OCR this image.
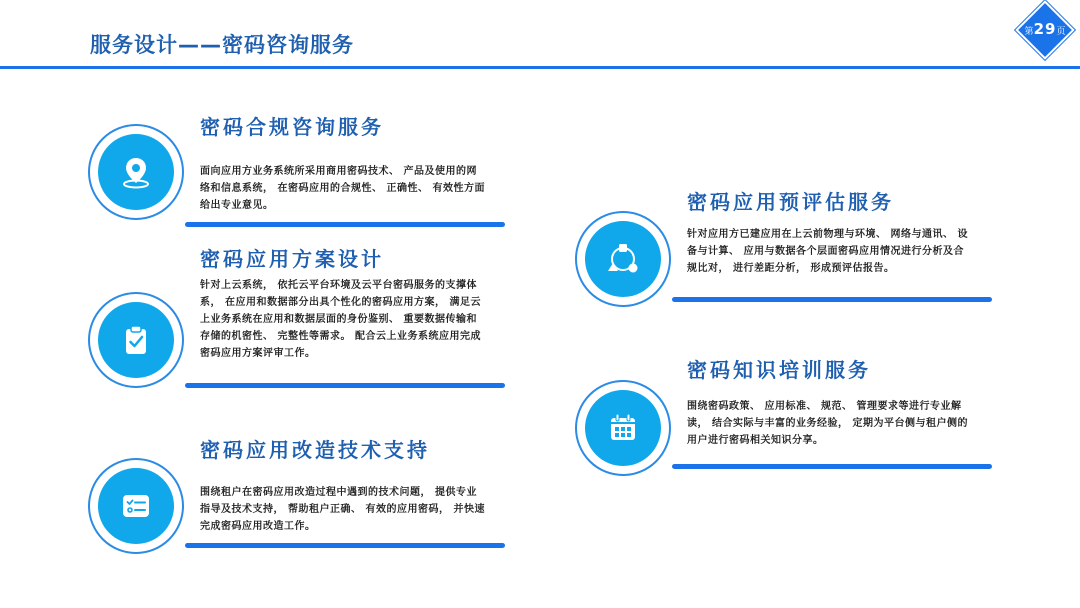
服务设计——密码咨询服务
第29页
密码合规咨询服务
面向应用方业务系统所采用商用密码技术、 产品及使用的网络和信息系统， 在密码应用的合规性、 正确性、 有效性方面给出专业意见。
密码应用方案设计
针对上云系统， 依托云平台环境及云平台密码服务的支撑体系， 在应用和数据部分出具个性化的密码应用方案， 满足云上业务系统在应用和数据层面的身份鉴别、 重要数据传输和存储的机密性、 完整性等需求。 配合云上业务系统应用完成密码应用方案评审工作。
密码应用改造技术支持
围绕租户在密码应用改造过程中遇到的技术问题， 提供专业指导及技术支持， 帮助租户正确、 有效的应用密码， 并快速完成密码应用改造工作。
密码应用预评估服务
针对应用方已建应用在上云前物理与环境、 网络与通讯、 设备与计算、 应用与数据各个层面密码应用情况进行分析及合规比对， 进行差距分析， 形成预评估报告。
密码知识培训服务
围绕密码政策、 应用标准、 规范、 管理要求等进行专业解读， 结合实际与丰富的业务经验， 定期为平台侧与租户侧的用户进行密码相关知识分享。
